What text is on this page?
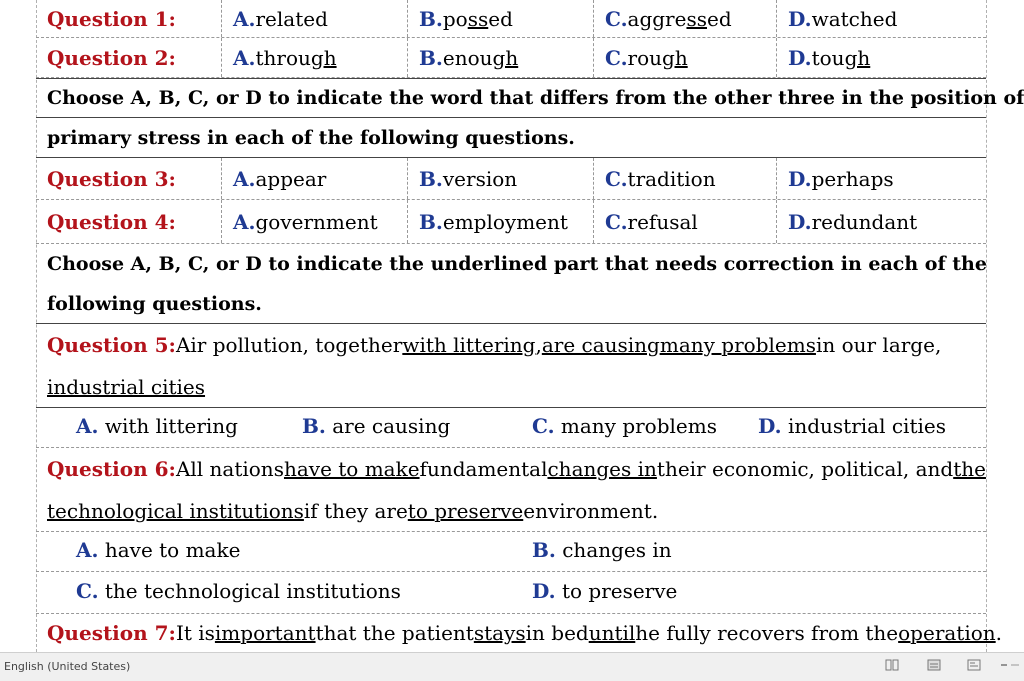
Question 1:	A. related	B. po ss ed	C. aggre ss ed	D. watched
Question 2:	A. throu gh	B. enou gh	C. rou gh	D. tou gh
Choose A, B, C, or D to indicate the word that differs from the other three in the position of
primary stress in each of the following questions.
Question 3:	A. appear	B. version	C. tradition	D. perhaps
Question 4:	A. government B. employment C. refusal	D. redundant
Choose A, B, C, or D to indicate the underlined part that needs correction in each of the
following questions.
Question 5: Air pollution, together with littering , are causing many problems in our large,
industrial cities
A. with littering	B. are causing	C. many problems D. industrial cities
Question 6: All nations have to make fundamental changes in their economic, political, and the
technological institutions if they are to preserve environment.
A. have to make	B. changes in
C. the technological institutions	D. to preserve
Question 7: It is important that the patient stays in bed until he fully recovers from the operation .
English (United States)
